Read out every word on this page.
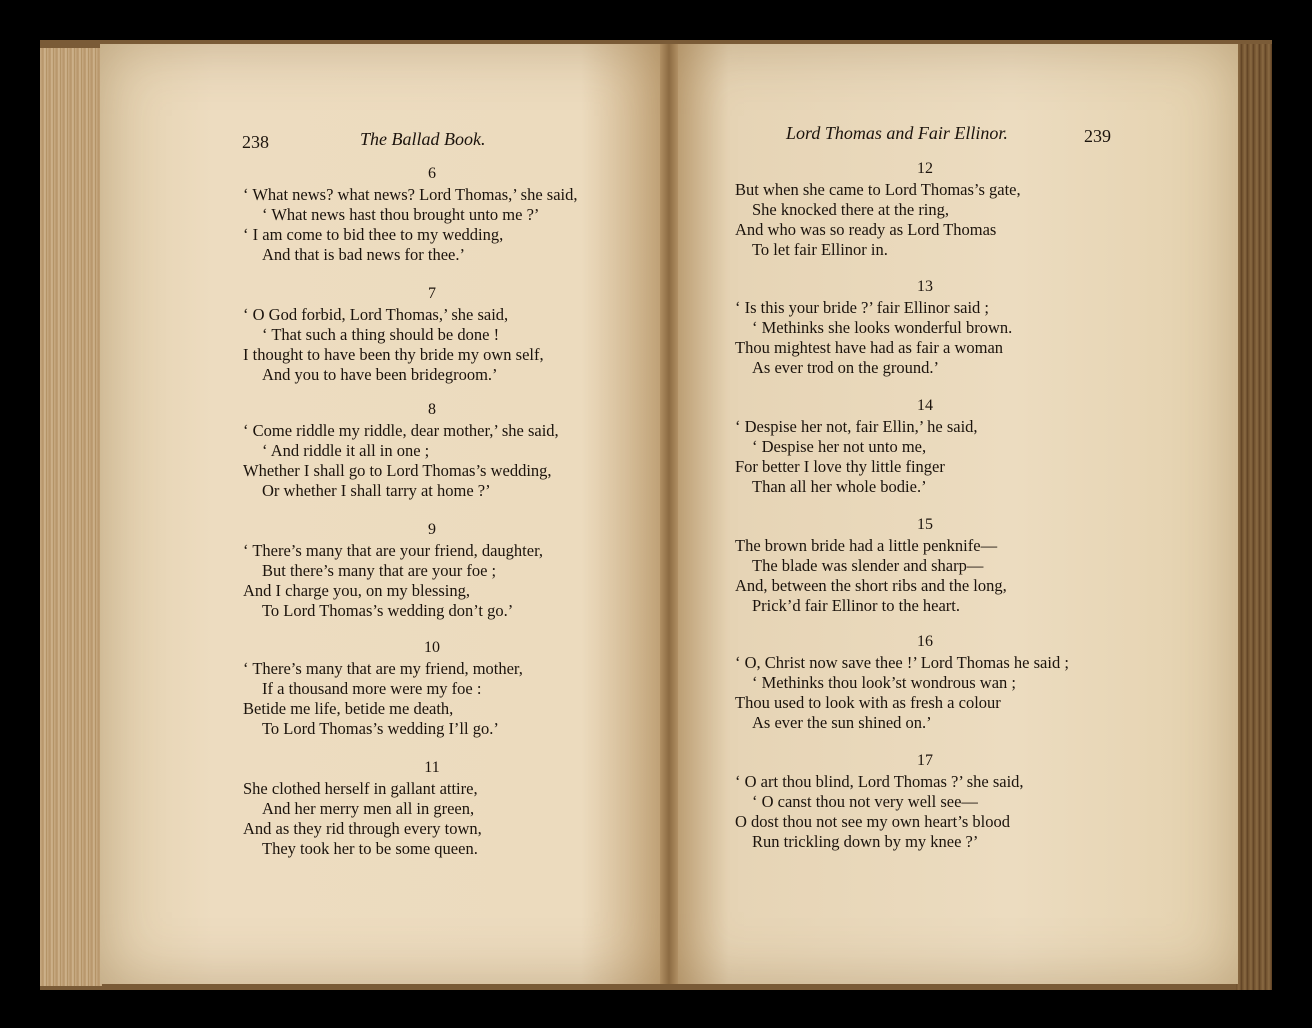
238	The Ballad Book.	Lord Thomas and Fair Ellinor.	239
6
‘ What news? what news? Lord Thomas,’ she said,
‘ What news hast thou brought unto me ?’
‘ I am come to bid thee to my wedding,
And that is bad news for thee.’
7
‘ O God forbid, Lord Thomas,’ she said,
‘ That such a thing should be done !
I thought to have been thy bride my own self,
And you to have been bridegroom.’
8
‘ Come riddle my riddle, dear mother,’ she said,
‘ And riddle it all in one ;
Whether I shall go to Lord Thomas’s wedding,
Or whether I shall tarry at home ?’
9
‘ There’s many that are your friend, daughter,
But there’s many that are your foe ;
And I charge you, on my blessing,
To Lord Thomas’s wedding don’t go.’
10
‘ There’s many that are my friend, mother,
If a thousand more were my foe :
Betide me life, betide me death,
To Lord Thomas’s wedding I’ll go.’
11
She clothed herself in gallant attire,
And her merry men all in green,
And as they rid through every town,
They took her to be some queen.
12
But when she came to Lord Thomas’s gate,
She knocked there at the ring,
And who was so ready as Lord Thomas
To let fair Ellinor in.
13
‘ Is this your bride ?’ fair Ellinor said ;
‘ Methinks she looks wonderful brown.
Thou mightest have had as fair a woman
As ever trod on the ground.’
14
‘ Despise her not, fair Ellin,’ he said,
‘ Despise her not unto me,
For better I love thy little finger
Than all her whole bodie.’
15
The brown bride had a little penknife—
The blade was slender and sharp—
And, between the short ribs and the long,
Prick’d fair Ellinor to the heart.
16
‘ O, Christ now save thee !’ Lord Thomas he said ;
‘ Methinks thou look’st wondrous wan ;
Thou used to look with as fresh a colour
As ever the sun shined on.’
17
‘ O art thou blind, Lord Thomas ?’ she said,
‘ O canst thou not very well see—
O dost thou not see my own heart’s blood
Run trickling down by my knee ?’
